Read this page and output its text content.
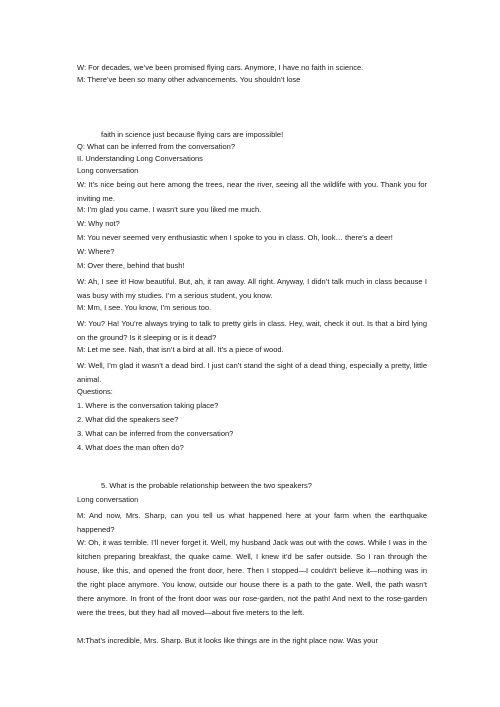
W: For decades, we’ve been promised flying cars. Anymore, I have no faith in science.
M: There’ve been so many other advancements. You shouldn’t lose
faith in science just because flying cars are impossible!
Q: What can be inferred from the conversation?
II. Understanding Long Conversations
Long conversation
W: It’s nice being out here among the trees, near the river, seeing all the wildlife with you. Thank you for inviting me.
M: I’m glad you came. I wasn’t sure you liked me much.
W: Why not?
M: You never seemed very enthusiastic when I spoke to you in class. Oh, look… there’s a deer!
W: Where?
M: Over there, behind that bush!
W: Ah, I see it! How beautiful. But, ah, it ran away. All right. Anyway, I didn’t talk much in class because I was busy with my studies. I’m a serious student, you know.
M: Mm, I see. You know, I’m serious too.
W: You? Ha! You’re always trying to talk to pretty girls in class. Hey, wait, check it out. Is that a bird lying on the ground? Is it sleeping or is it dead?
M: Let me see. Nah, that isn’t a bird at all. It’s a piece of wood.
W: Well, I’m glad it wasn’t a dead bird. I just can’t stand the sight of a dead thing, especially a pretty, little animal.
Questions:
1. Where is the conversation taking place?
2. What did the speakers see?
3. What can be inferred from the conversation?
4. What does the man often do?
5. What is the probable relationship between the two speakers?
Long conversation
M: And now, Mrs. Sharp, can you tell us what happened here at your farm when the earthquake happened?
W: Oh, it was terrible. I’ll never forget it. Well, my husband Jack was out with the cows. While I was in the kitchen preparing breakfast, the quake came. Well, I knew it’d be safer outside. So I ran through the house, like this, and opened the front door, here. Then I stopped—I couldn’t believe it—nothing was in the right place anymore. You know, outside our house there is a path to the gate. Well, the path wasn’t there anymore. In front of the front door was our rose-garden, not the path! And next to the rose-garden were the trees, but they had all moved—about five meters to the left.
M:That’s incredible, Mrs. Sharp. But it looks like things are in the right place now. Was your
